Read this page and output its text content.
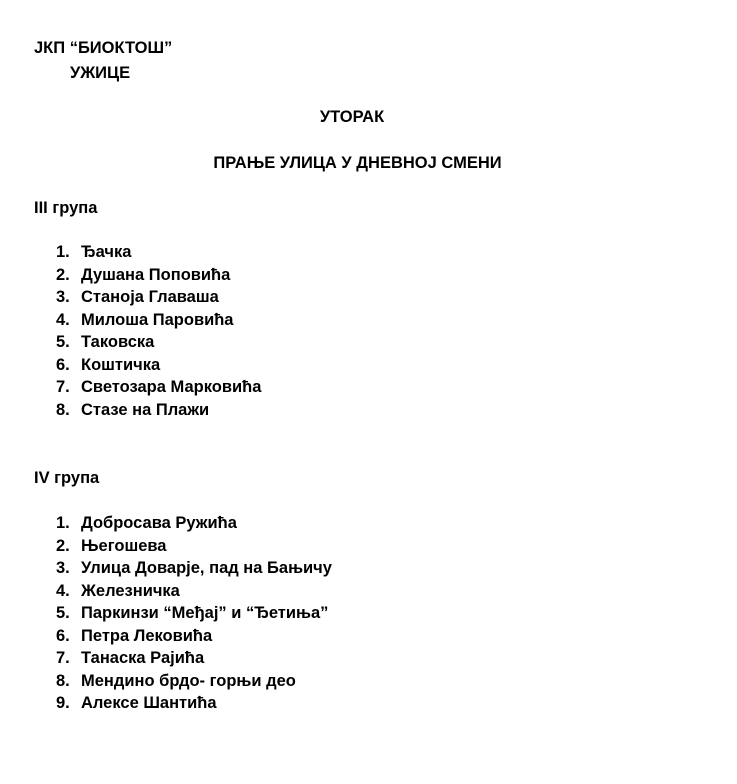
ЈКП “БИОКТОШ”
УЖИЦЕ
УТОРАК
ПРАЊЕ УЛИЦА У ДНЕВНОЈ СМЕНИ
III група
1. Ђачка
2. Душана Поповића
3. Станоја Главаша
4. Милоша Паровића
5. Таковска
6. Коштичка
7. Светозара Марковића
8. Стазе на Плажи
IV група
1. Добросава Ружића
2. Његошева
3. Улица Доварје, пад на Бањичу
4. Железничка
5. Паркинзи “Међај” и “Ђетиња”
6. Петра Лековића
7. Танаска Рајића
8. Мендино брдо- горњи део
9. Алексе Шантића
